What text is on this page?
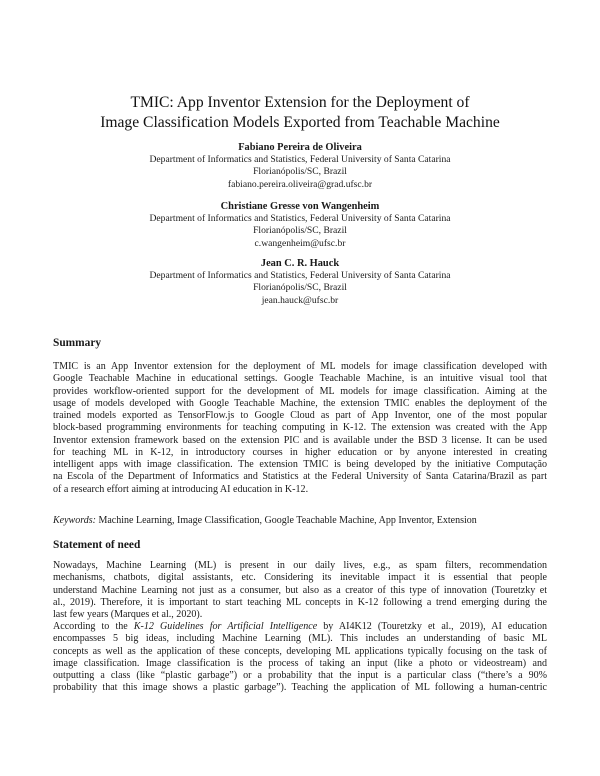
TMIC: App Inventor Extension for the Deployment of
Image Classification Models Exported from Teachable Machine
Fabiano Pereira de Oliveira
Department of Informatics and Statistics, Federal University of Santa Catarina
Florianópolis/SC, Brazil
fabiano.pereira.oliveira@grad.ufsc.br
Christiane Gresse von Wangenheim
Department of Informatics and Statistics, Federal University of Santa Catarina
Florianópolis/SC, Brazil
c.wangenheim@ufsc.br
Jean C. R. Hauck
Department of Informatics and Statistics, Federal University of Santa Catarina
Florianópolis/SC, Brazil
jean.hauck@ufsc.br
Summary
TMIC is an App Inventor extension for the deployment of ML models for image classification developed with
Google Teachable Machine in educational settings. Google Teachable Machine, is an intuitive visual tool that
provides workflow-oriented support for the development of ML models for image classification. Aiming at the
usage of models developed with Google Teachable Machine, the extension TMIC enables the deployment of the
trained models exported as TensorFlow.js to Google Cloud as part of App Inventor, one of the most popular
block-based programming environments for teaching computing in K-12. The extension was created with the App
Inventor extension framework based on the extension PIC and is available under the BSD 3 license. It can be used
for teaching ML in K-12, in introductory courses in higher education or by anyone interested in creating
intelligent apps with image classification. The extension TMIC is being developed by the initiative Computação
na Escola of the Department of Informatics and Statistics at the Federal University of Santa Catarina/Brazil as part
of a research effort aiming at introducing AI education in K-12.
Keywords: Machine Learning, Image Classification, Google Teachable Machine, App Inventor, Extension
Statement of need
Nowadays, Machine Learning (ML) is present in our daily lives, e.g., as spam filters, recommendation
mechanisms, chatbots, digital assistants, etc. Considering its inevitable impact it is essential that people
understand Machine Learning not just as a consumer, but also as a creator of this type of innovation (Touretzky et
al., 2019). Therefore, it is important to start teaching ML concepts in K-12 following a trend emerging during the
last few years (Marques et al., 2020).
According to the K-12 Guidelines for Artificial Intelligence by AI4K12 (Touretzky et al., 2019), AI education
encompasses 5 big ideas, including Machine Learning (ML). This includes an understanding of basic ML
concepts as well as the application of these concepts, developing ML applications typically focusing on the task of
image classification. Image classification is the process of taking an input (like a photo or videostream) and
outputting a class (like “plastic garbage”) or a probability that the input is a particular class (“there’s a 90%
probability that this image shows a plastic garbage”). Teaching the application of ML following a human-centric
